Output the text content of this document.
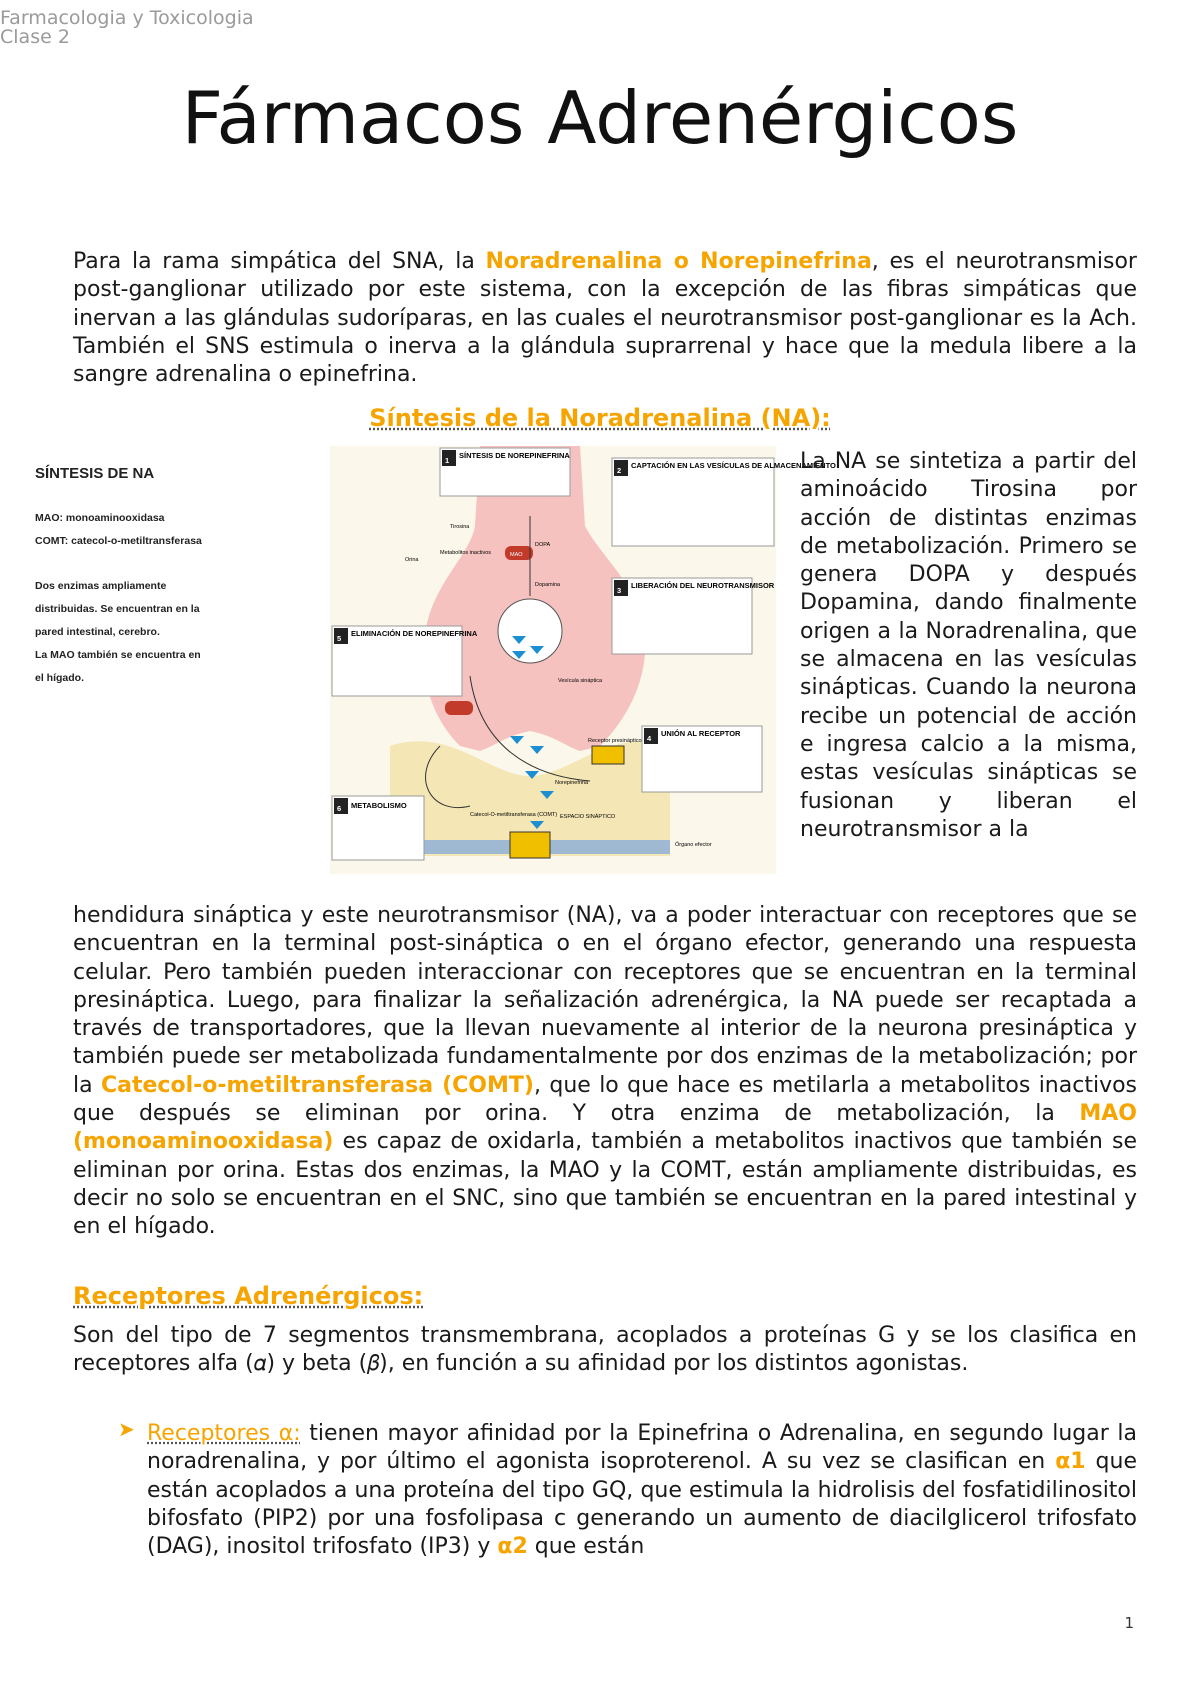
Farmacologia y Toxicologia
Clase 2
Fármacos Adrenérgicos
Para la rama simpática del SNA, la Noradrenalina o Norepinefrina, es el neurotransmisor post-ganglionar utilizado por este sistema, con la excepción de las fibras simpáticas que inervan a las glándulas sudoríparas, en las cuales el neurotransmisor post-ganglionar es la Ach. También el SNS estimula o inerva a la glándula suprarrenal y hace que la medula libere a la sangre adrenalina o epinefrina.
Síntesis de la Noradrenalina (NA):
SÍNTESIS DE NA
MAO: monoaminooxidasa
COMT: catecol-o-metiltransferasa
Dos enzimas ampliamente
distribuidas. Se encuentran en la
pared intestinal, cerebro.
La MAO también se encuentra en
el hígado.
1
SÍNTESIS DE NOREPINEFRINA
2
CAPTACIÓN EN LAS VESÍCULAS DE ALMACENAMIENTO
3
LIBERACIÓN DEL NEUROTRANSMISOR
4
UNIÓN AL RECEPTOR
5
ELIMINACIÓN DE NOREPINEFRINA
6 METABOLISMO
Tirosina
DOPA
Dopamina
MAO
Orina
Metabolitos inactivos
Vesícula sináptica
Norepinefrina
Catecol-O-metiltransferasa (COMT) ESPACIO SINÁPTICO
Órgano efector
Receptor presináptico
La NA se sintetiza a partir del aminoácido Tirosina por acción de distintas enzimas de metabolización. Primero se genera DOPA y después Dopamina, dando finalmente origen a la Noradrenalina, que se almacena en las vesículas sinápticas. Cuando la neurona recibe un potencial de acción e ingresa calcio a la misma, estas vesículas sinápticas se fusionan y liberan el neurotransmisor a la
hendidura sináptica y este neurotransmisor (NA), va a poder interactuar con receptores que se encuentran en la terminal post-sináptica o en el órgano efector, generando una respuesta celular. Pero también pueden interaccionar con receptores que se encuentran en la terminal presináptica. Luego, para finalizar la señalización adrenérgica, la NA puede ser recaptada a través de transportadores, que la llevan nuevamente al interior de la neurona presináptica y también puede ser metabolizada fundamentalmente por dos enzimas de la metabolización; por la Catecol-o-metiltransferasa (COMT), que lo que hace es metilarla a metabolitos inactivos que después se eliminan por orina. Y otra enzima de metabolización, la MAO (monoaminooxidasa) es capaz de oxidarla, también a metabolitos inactivos que también se eliminan por orina. Estas dos enzimas, la MAO y la COMT, están ampliamente distribuidas, es decir no solo se encuentran en el SNC, sino que también se encuentran en la pared intestinal y en el hígado.
Receptores Adrenérgicos:
Son del tipo de 7 segmentos transmembrana, acoplados a proteínas G y se los clasifica en receptores alfa (𝛼) y beta (𝛽), en función a su afinidad por los distintos agonistas.
➤ Receptores α: tienen mayor afinidad por la Epinefrina o Adrenalina, en segundo lugar la noradrenalina, y por último el agonista isoproterenol. A su vez se clasifican en α1 que están acoplados a una proteína del tipo GQ, que estimula la hidrolisis del fosfatidilinositol bifosfato (PIP2) por una fosfolipasa c generando un aumento de diacilglicerol trifosfato (DAG), inositol trifosfato (IP3) y α2 que están
1
